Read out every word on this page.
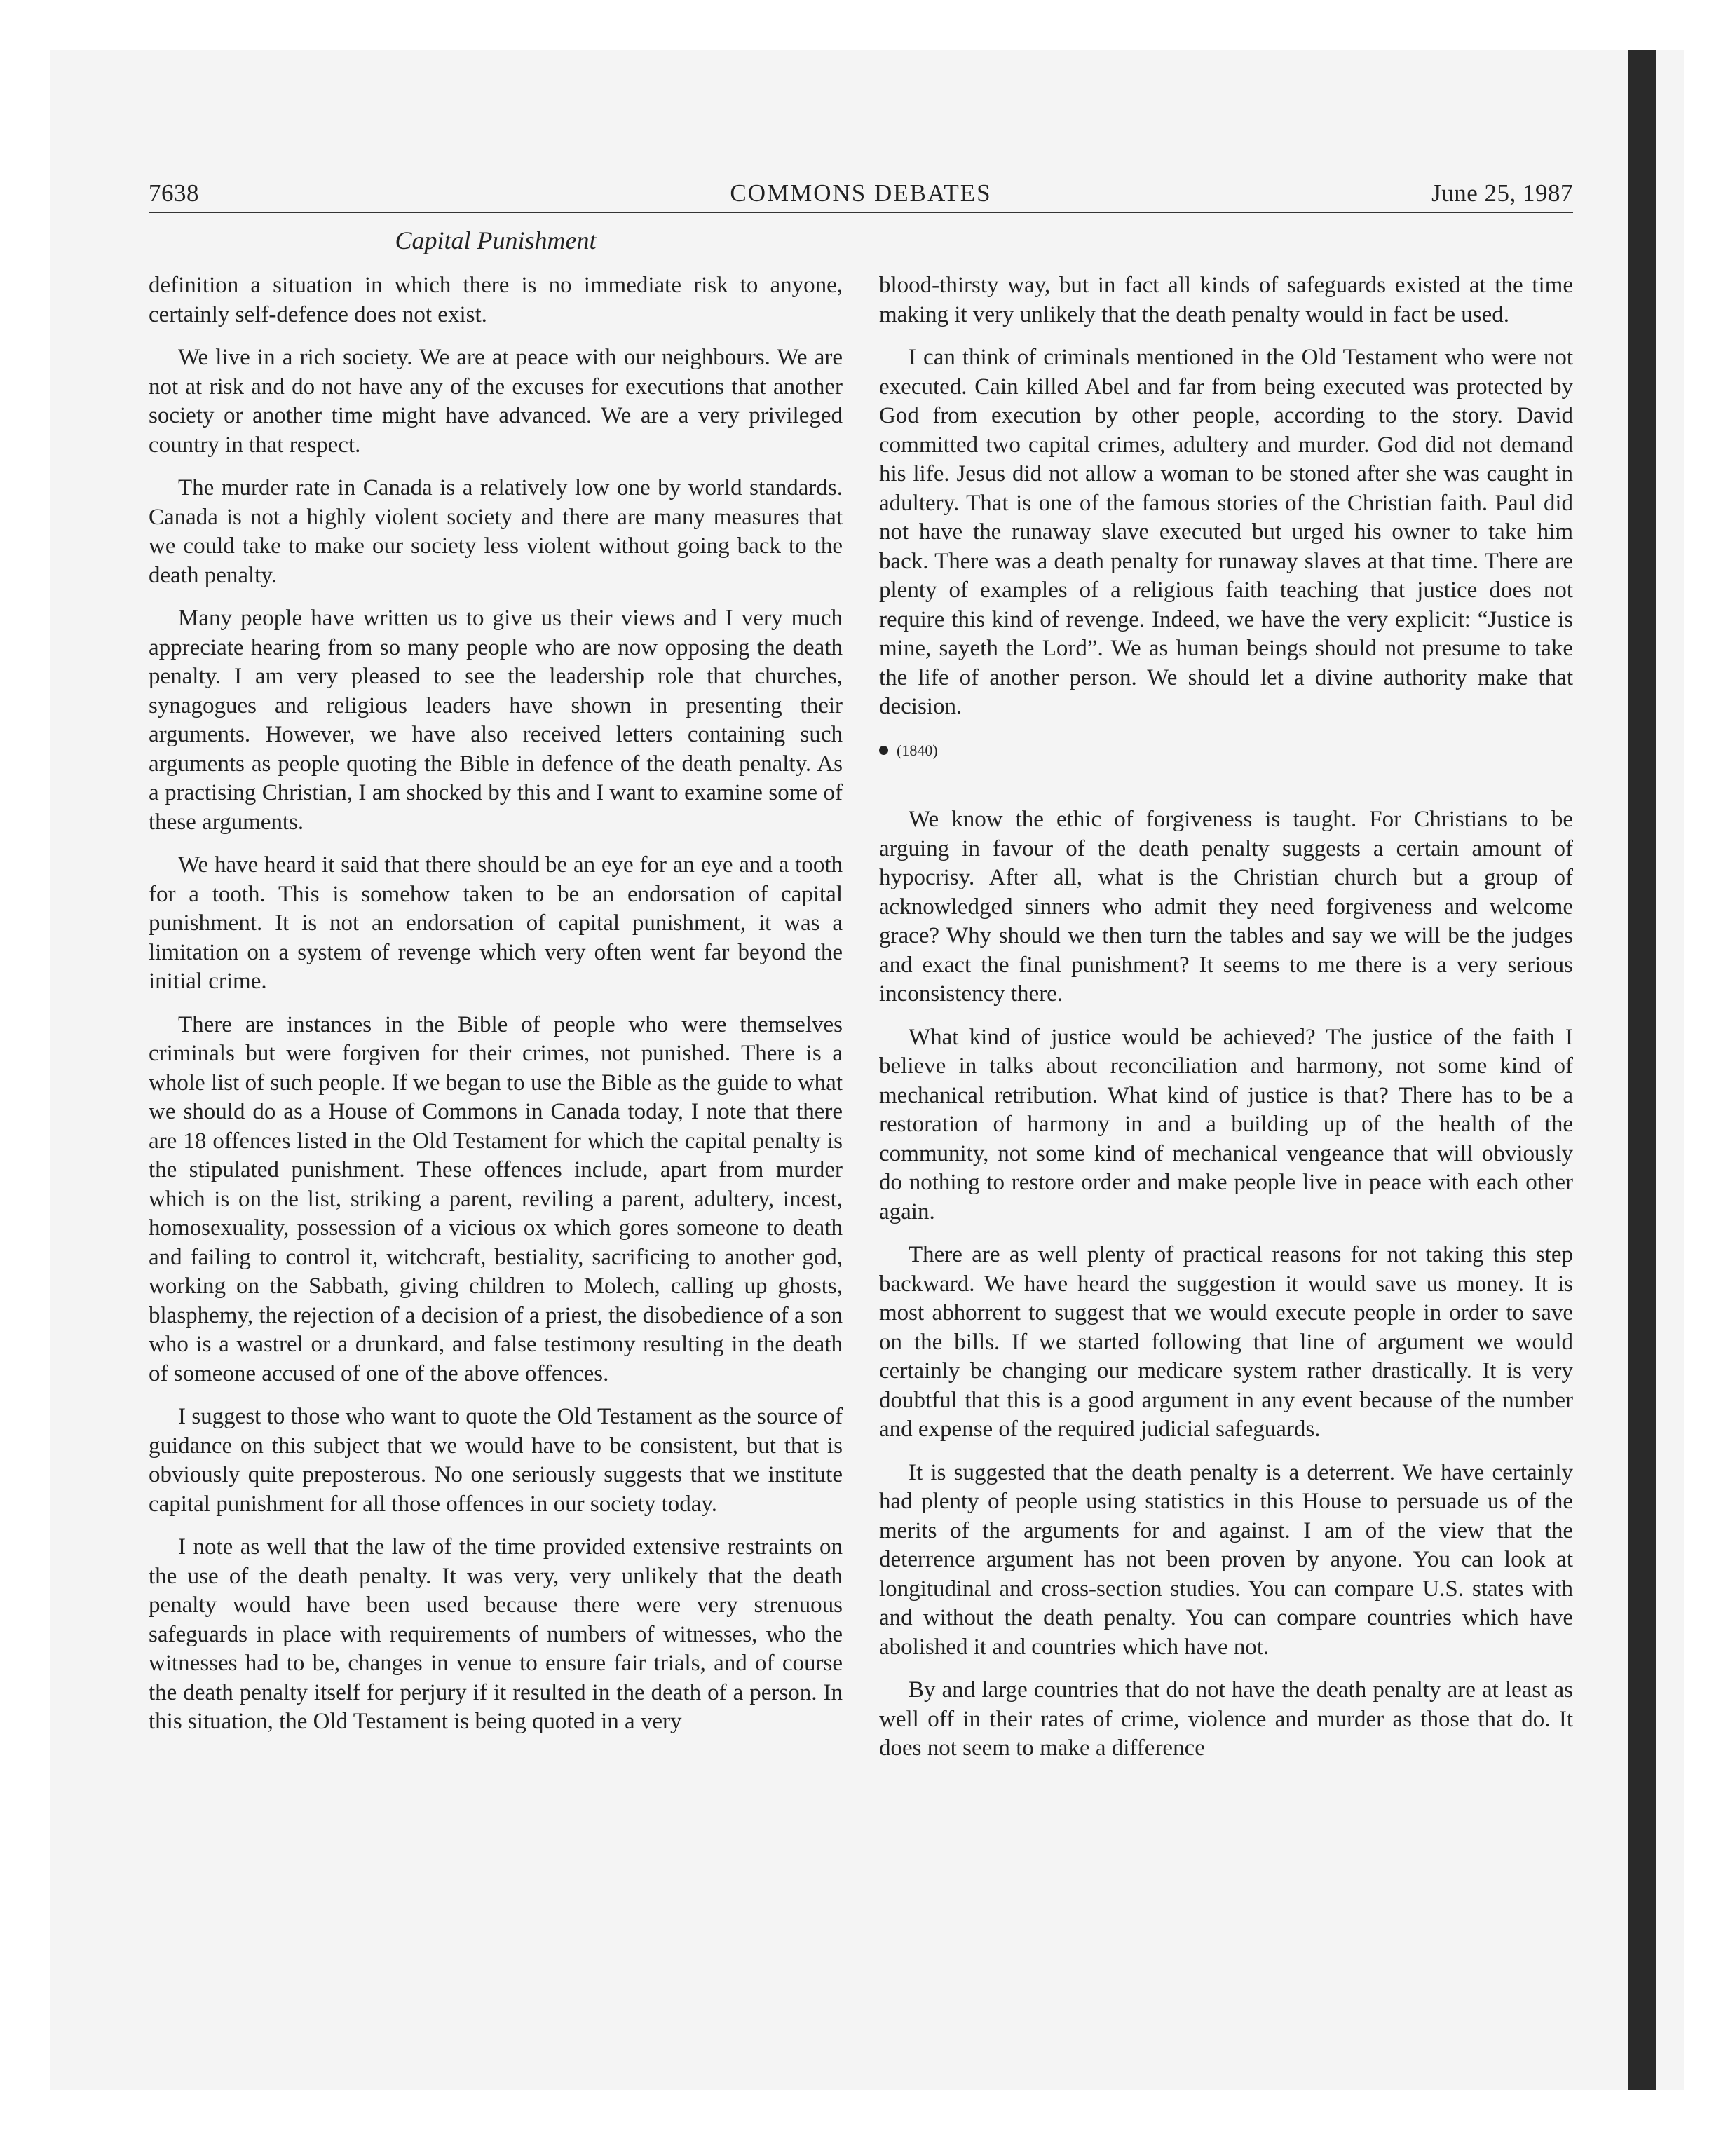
7638	COMMONS DEBATES	June 25, 1987
Capital Punishment

definition a situation in which there is no immediate risk to anyone, certainly self-defence does not exist.

We live in a rich society. We are at peace with our neighbours. We are not at risk and do not have any of the excuses for executions that another society or another time might have advanced. We are a very privileged country in that respect.

The murder rate in Canada is a relatively low one by world standards. Canada is not a highly violent society and there are many measures that we could take to make our society less violent without going back to the death penalty.

Many people have written us to give us their views and I very much appreciate hearing from so many people who are now opposing the death penalty. I am very pleased to see the leadership role that churches, synagogues and religious leaders have shown in presenting their arguments. However, we have also received letters containing such arguments as people quoting the Bible in defence of the death penalty. As a practising Christian, I am shocked by this and I want to examine some of these arguments.

We have heard it said that there should be an eye for an eye and a tooth for a tooth. This is somehow taken to be an endorsation of capital punishment. It is not an endorsation of capital punishment, it was a limitation on a system of revenge which very often went far beyond the initial crime.

There are instances in the Bible of people who were themselves criminals but were forgiven for their crimes, not punished. There is a whole list of such people. If we began to use the Bible as the guide to what we should do as a House of Commons in Canada today, I note that there are 18 offences listed in the Old Testament for which the capital penalty is the stipulated punishment. These offences include, apart from murder which is on the list, striking a parent, reviling a parent, adultery, incest, homosexuality, possession of a vicious ox which gores someone to death and failing to control it, witchcraft, bestiality, sacrificing to another god, working on the Sabbath, giving children to Molech, calling up ghosts, blasphemy, the rejection of a decision of a priest, the disobedience of a son who is a wastrel or a drunkard, and false testimony resulting in the death of someone accused of one of the above offences.

I suggest to those who want to quote the Old Testament as the source of guidance on this subject that we would have to be consistent, but that is obviously quite preposterous. No one seriously suggests that we institute capital punishment for all those offences in our society today.

I note as well that the law of the time provided extensive restraints on the use of the death penalty. It was very, very unlikely that the death penalty would have been used because there were very strenuous safeguards in place with requirements of numbers of witnesses, who the witnesses had to be, changes in venue to ensure fair trials, and of course the death penalty itself for perjury if it resulted in the death of a person. In this situation, the Old Testament is being quoted in a very

blood-thirsty way, but in fact all kinds of safeguards existed at the time making it very unlikely that the death penalty would in fact be used.

I can think of criminals mentioned in the Old Testament who were not executed. Cain killed Abel and far from being executed was protected by God from execution by other people, according to the story. David committed two capital crimes, adultery and murder. God did not demand his life. Jesus did not allow a woman to be stoned after she was caught in adultery. That is one of the famous stories of the Christian faith. Paul did not have the runaway slave executed but urged his owner to take him back. There was a death penalty for runaway slaves at that time. There are plenty of examples of a religious faith teaching that justice does not require this kind of revenge. Indeed, we have the very explicit: “Justice is mine, sayeth the Lord”. We as human beings should not presume to take the life of another person. We should let a divine authority make that decision.

(1840)

We know the ethic of forgiveness is taught. For Christians to be arguing in favour of the death penalty suggests a certain amount of hypocrisy. After all, what is the Christian church but a group of acknowledged sinners who admit they need forgiveness and welcome grace? Why should we then turn the tables and say we will be the judges and exact the final punishment? It seems to me there is a very serious inconsistency there.

What kind of justice would be achieved? The justice of the faith I believe in talks about reconciliation and harmony, not some kind of mechanical retribution. What kind of justice is that? There has to be a restoration of harmony in and a building up of the health of the community, not some kind of mechanical vengeance that will obviously do nothing to restore order and make people live in peace with each other again.

There are as well plenty of practical reasons for not taking this step backward. We have heard the suggestion it would save us money. It is most abhorrent to suggest that we would execute people in order to save on the bills. If we started following that line of argument we would certainly be changing our medicare system rather drastically. It is very doubtful that this is a good argument in any event because of the number and expense of the required judicial safeguards.

It is suggested that the death penalty is a deterrent. We have certainly had plenty of people using statistics in this House to persuade us of the merits of the arguments for and against. I am of the view that the deterrence argument has not been proven by anyone. You can look at longitudinal and cross-section studies. You can compare U.S. states with and without the death penalty. You can compare countries which have abolished it and countries which have not.

By and large countries that do not have the death penalty are at least as well off in their rates of crime, violence and murder as those that do. It does not seem to make a difference
